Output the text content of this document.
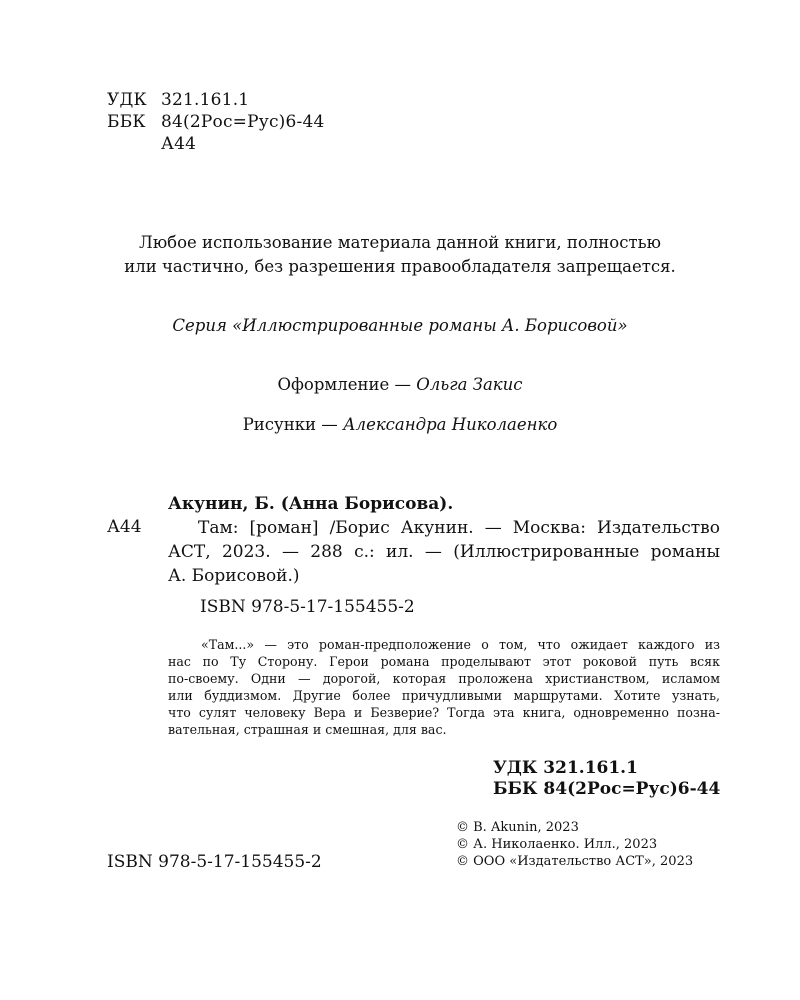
УДК 321.161.1
ББК 84(2Рос=Рус)6-44
А44
Любое использование материала данной книги, полностью
или частично, без разрешения правообладателя запрещается.
Серия «Иллюстрированные романы А. Борисовой»
Оформление — Ольга Закис
Рисунки — Александра Николаенко
А44
Акунин, Б. (Анна Борисова).
Там: [роман] /Борис Акунин. — Москва: Издательство
АСТ, 2023. — 288 с.: ил. — (Иллюстрированные романы
А. Борисовой.)
ISBN 978-5-17-155455-2
«Там...» — это роман-предположение о том, что ожидает каждого из
нас по Ту Сторону. Герои романа проделывают этот роковой путь всяк
по-своему. Одни — дорогой, которая проложена христианством, исламом
или буддизмом. Другие более причудливыми маршрутами. Хотите узнать,
что сулят человеку Вера и Безверие? Тогда эта книга, одновременно позна-
вательная, страшная и смешная, для вас.
УДК 321.161.1
ББК 84(2Рос=Рус)6-44
© B. Akunin, 2023
© А. Николаенко. Илл., 2023
© ООО «Издательство АСТ», 2023
ISBN 978-5-17-155455-2
